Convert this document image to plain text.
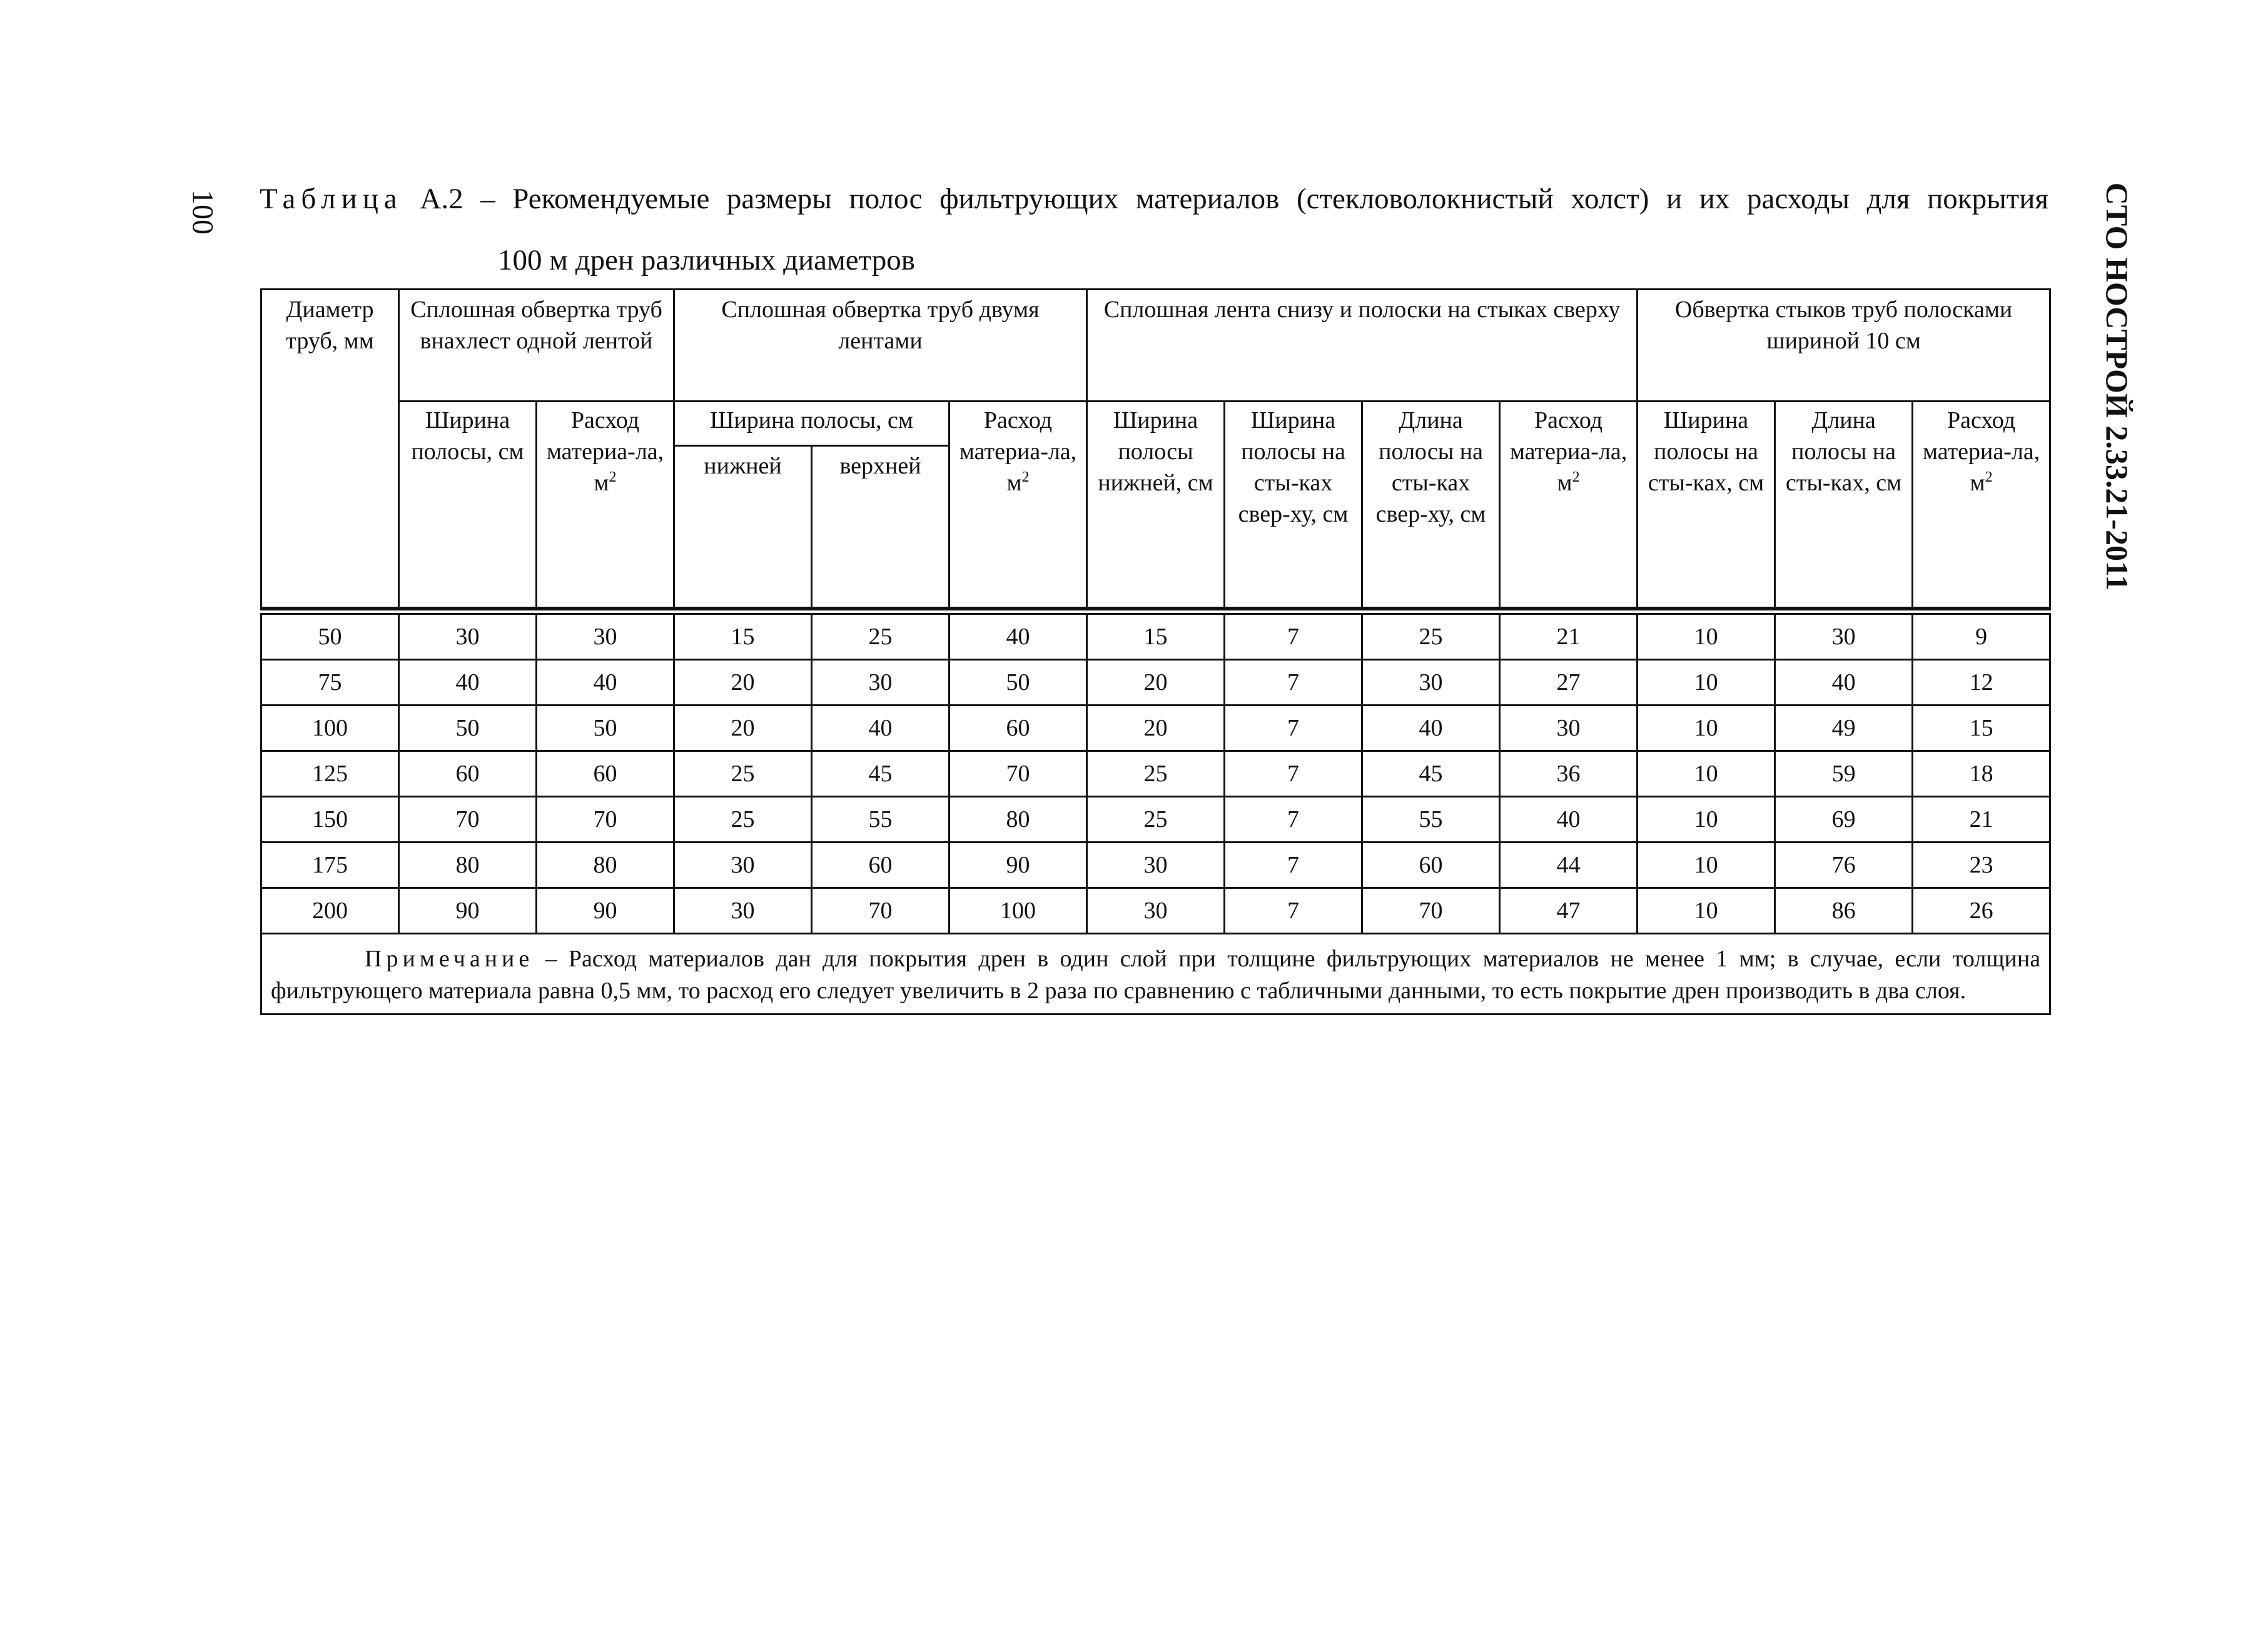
100	СТО НОСТРОЙ 2.33.21-2011
Таблица А.2 – Рекомендуемые размеры полос фильтрующих материалов (стекловолокнистый холст) и их расходы для покрытия
100 м дрен различных диаметров
Диаметр труб, мм	Сплошная обвертка труб внахлест одной лентой		Сплошная обвертка труб двумя лентами			Сплошная лента снизу и полоски на стыках сверху				Обвертка стыков труб полосками шириной 10 см		
	Ширина полосы, см	Расход материа-ла, $м^2$	Ширина полосы, см		Расход материа-ла, $м^2$	Ширина полосы нижней, см	Ширина полосы на сты-ках свер-ху, см	Длина полосы на сты-ках свер-ху, см	Расход материа-ла, $м^2$	Ширина полосы на сты-ках, см	Длина полосы на сты-ках, см	Расход материа-ла, $м^2$
			нижней	верхней								

50	30	30	15	25	40	15	7	25	21	10	30	9
75	40	40	20	30	50	20	7	30	27	10	40	12
100	50	50	20	40	60	20	7	40	30	10	49	15
125	60	60	25	45	70	25	7	45	36	10	59	18
150	70	70	25	55	80	25	7	55	40	10	69	21
175	80	80	30	60	90	30	7	60	44	10	76	23
200	90	90	30	70	100	30	7	70	47	10	86	26
Примечание – Расход материалов дан для покрытия дрен в один слой при толщине фильтрующих материалов не менее 1 мм; в случае, если толщина фильтрующего материала равна 0,5 мм, то расход его следует увеличить в 2 раза по сравнению с табличными данными, то есть покрытие дрен производить в два слоя.												
